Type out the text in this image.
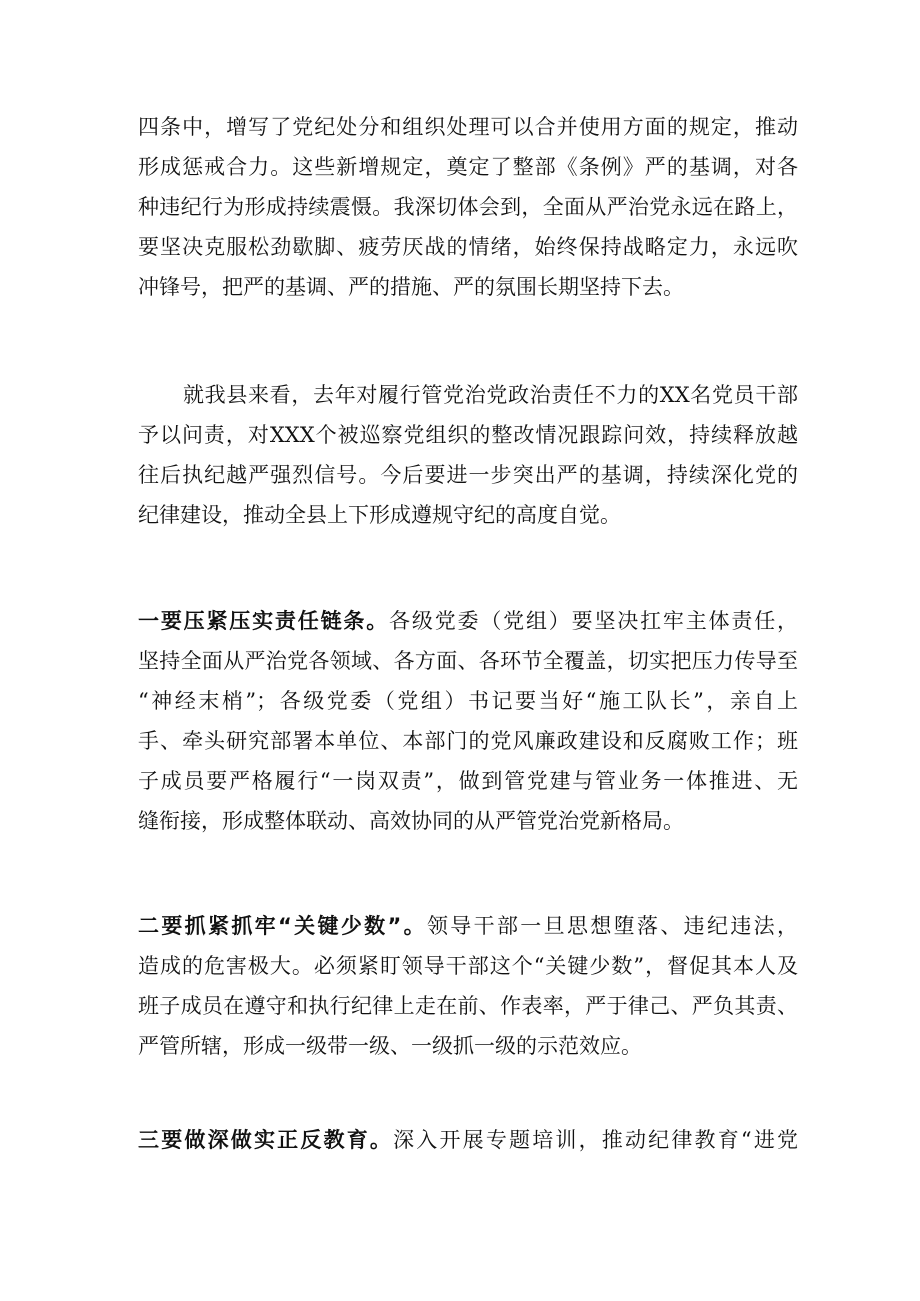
四条中，增写了党纪处分和组织处理可以合并使用方面的规定，推动
形成惩戒合力。这些新增规定，奠定了整部《条例》严的基调，对各
种违纪行为形成持续震慑。我深切体会到，全面从严治党永远在路上，
要坚决克服松劲歇脚、疲劳厌战的情绪，始终保持战略定力，永远吹
冲锋号，把严的基调、严的措施、严的氛围长期坚持下去。
就我县来看，去年对履行管党治党政治责任不力的XX名党员干部
予以问责，对XXX个被巡察党组织的整改情况跟踪问效，持续释放越
往后执纪越严强烈信号。今后要进一步突出严的基调，持续深化党的
纪律建设，推动全县上下形成遵规守纪的高度自觉。
一要压紧压实责任链条。各级党委（党组）要坚决扛牢主体责任，
坚持全面从严治党各领域、各方面、各环节全覆盖，切实把压力传导至
“神经末梢”；各级党委（党组）书记要当好“施工队长”，亲自上
手、牵头研究部署本单位、本部门的党风廉政建设和反腐败工作；班
子成员要严格履行“一岗双责”，做到管党建与管业务一体推进、无
缝衔接，形成整体联动、高效协同的从严管党治党新格局。
二要抓紧抓牢“关键少数”。领导干部一旦思想堕落、违纪违法，
造成的危害极大。必须紧盯领导干部这个“关键少数”，督促其本人及
班子成员在遵守和执行纪律上走在前、作表率，严于律己、严负其责、
严管所辖，形成一级带一级、一级抓一级的示范效应。
三要做深做实正反教育。深入开展专题培训，推动纪律教育“进党
